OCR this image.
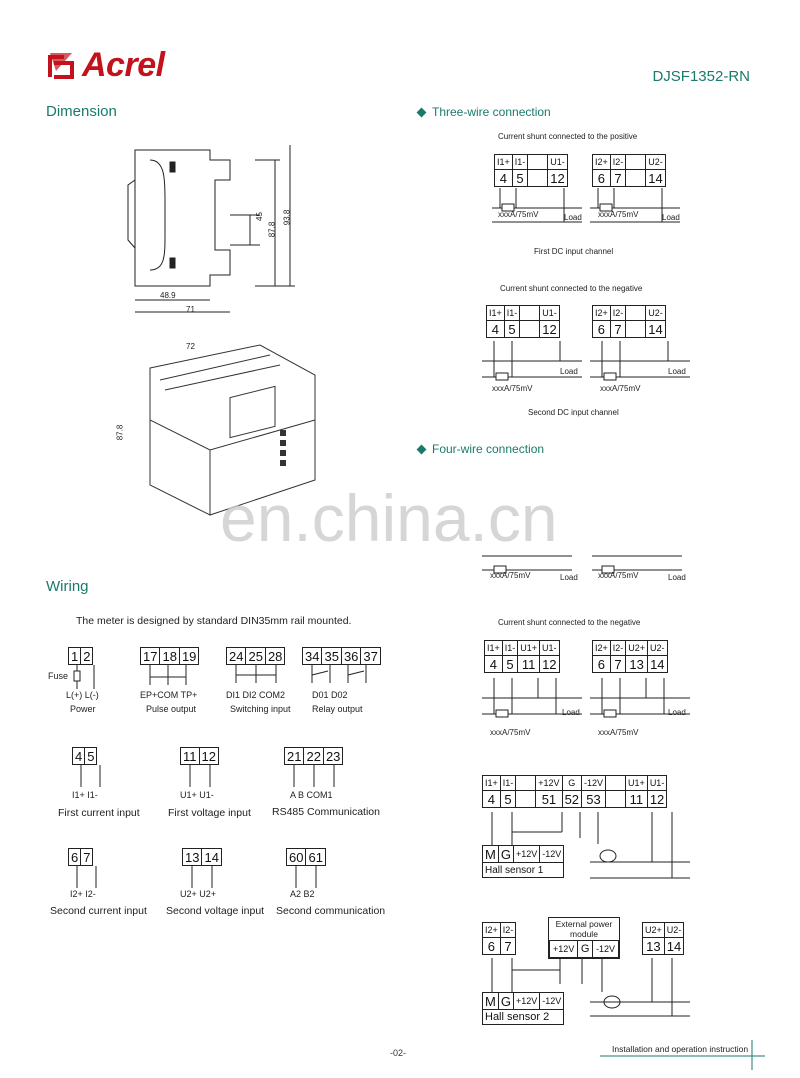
Acrel	DJSF1352-RN
Dimension
45
87.8
93.8
48.9
71
72
87.8
en.china.cn
Wiring
The meter is designed by standard DIN35mm rail mounted.
1	2
Fuse
L(+) L(-)
Power
17	18	19
EP+COM TP+
Pulse output
24	25	28
DI1 DI2 COM2
Switching input
34	35	36	37
D01 D02
Relay output
4	5
I1+ I1-
First current input
11	12
U1+ U1-
First voltage input
21	22	23
A B COM1
RS485 Communication
6	7
I2+ I2-
Second current input
13	14
U2+ U2+
Second voltage input
60	61
A2 B2
Second communication
Three-wire connection
Current shunt connected to the positive
I1+	I1-		U1-
4	5		12
xxxA/75mV	Load
I2+	I2-		U2-
6	7		14
xxxA/75mV	Load
First DC input channel
Current shunt connected to the negative
I1+	I1-		U1-
4	5		12
xxxA/75mV
Load
I2+	I2-		U2-
6	7		14
xxxA/75mV
Load
Second DC input channel
Four-wire connection
xxxA/75mV	Load	xxxA/75mV	Load
Current shunt connected to the negative
I1+	I1-	U1+	U1-
4	5	11	12
xxxA/75mV
Load
I2+	I2-	U2+	U2-
6	7	13	14
xxxA/75mV
Load
I1+	I1-		+12V	G	-12V		U1+	U1-
4	5		51	52	53		11	12
M	G	+12V	-12V
Hall sensor 1
I2+	I2-
6	7
External power module
+12V	G	-12V
U2+	U2-
13	14
M	G	+12V	-12V
Hall sensor 2
-02-	Installation and operation instruction
